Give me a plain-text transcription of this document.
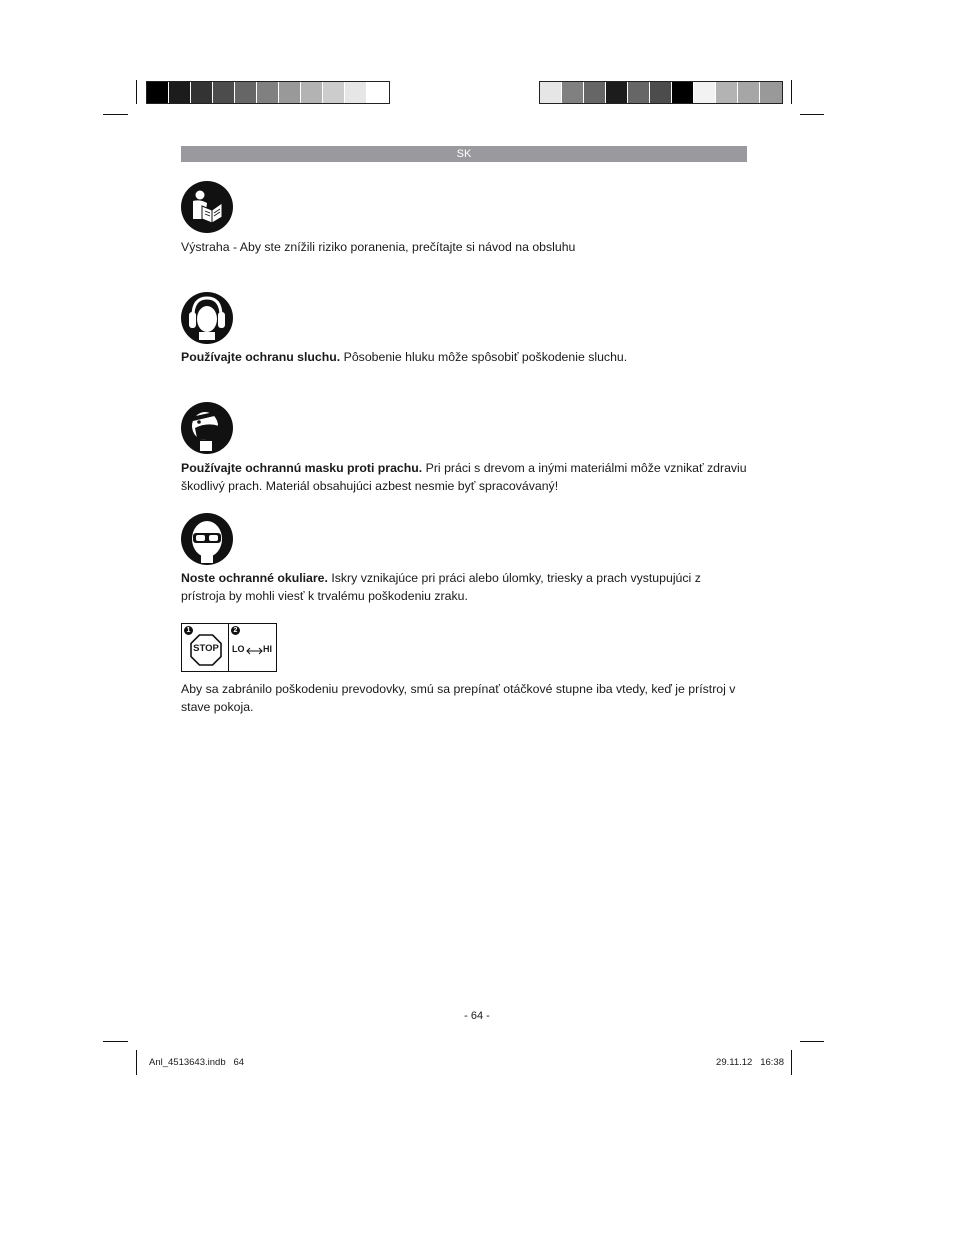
SK
Výstraha - Aby ste znížili riziko poranenia, prečítajte si návod na obsluhu
Používajte ochranu sluchu. Pôsobenie hluku môže spôsobiť poškodenie sluchu.
Používajte ochrannú masku proti prachu. Pri práci s drevom a inými materiálmi môže vznikať zdraviu škodlivý prach. Materiál obsahujúci azbest nesmie byť spracovávaný!
Noste ochranné okuliare. Iskry vznikajúce pri práci alebo úlomky, triesky a prach vystupujúci z prístroja by mohli viesť k trvalému poškodeniu zraku.
1
STOP
2
LO HI
Aby sa zabránilo poškodeniu prevodovky, smú sa prepínať otáčkové stupne iba vtedy, keď je prístroj v stave pokoja.
- 64 -
Anl_4513643.indb   64	29.11.12   16:38
